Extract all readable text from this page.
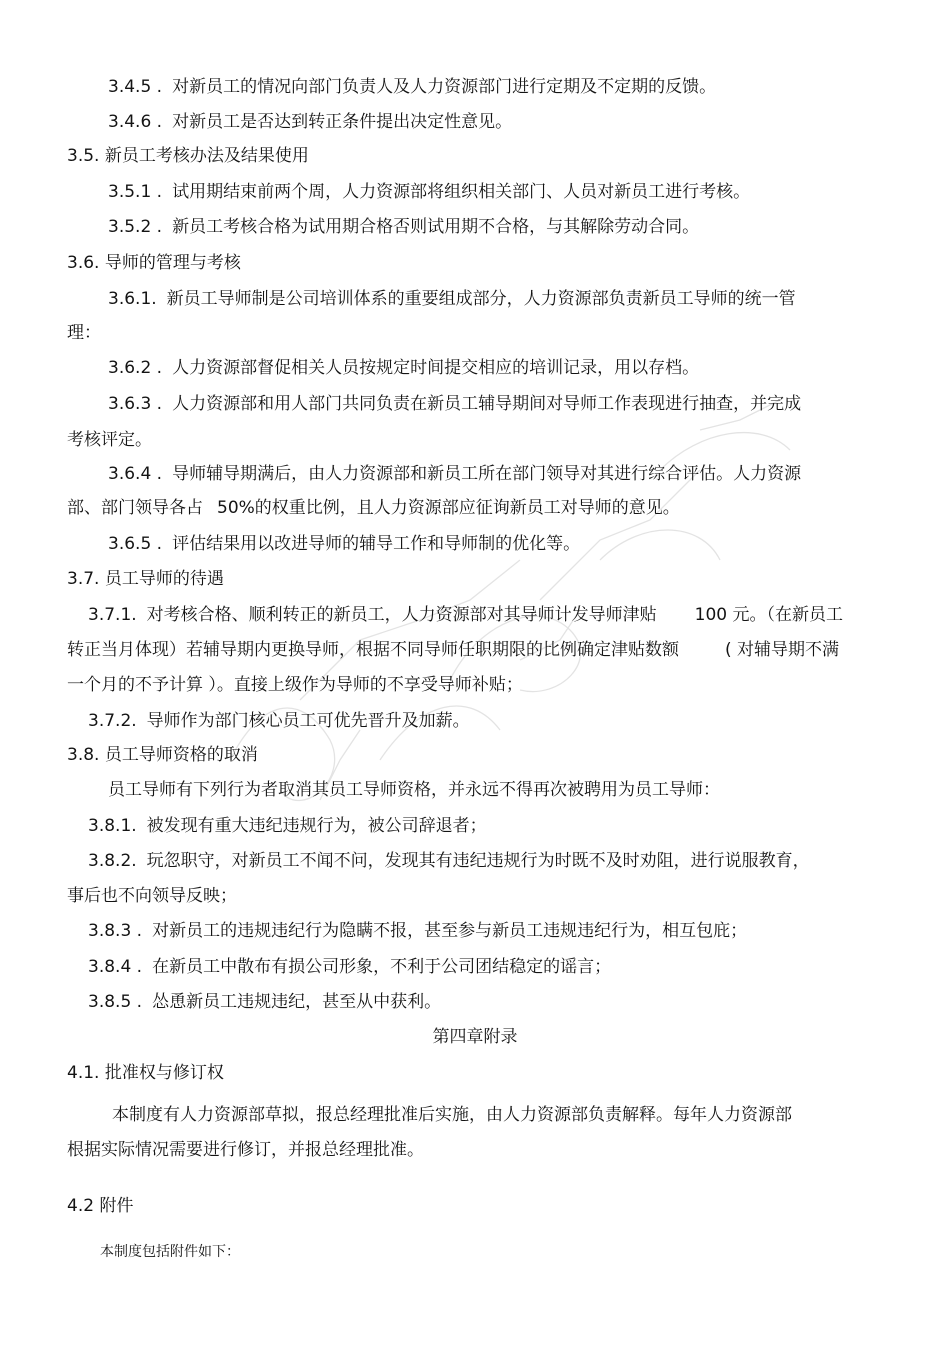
3.4.5 . 对新员工的情况向部门负责人及人力资源部门进行定期及不定期的反馈。
3.4.6 . 对新员工是否达到转正条件提出决定性意见。
3.5. 新员工考核办法及结果使用
3.5.1 . 试用期结束前两个周，人力资源部将组织相关部门、人员对新员工进行考核。
3.5.2 . 新员工考核合格为试用期合格否则试用期不合格，与其解除劳动合同。
3.6. 导师的管理与考核
3.6.1. 新员工导师制是公司培训体系的重要组成部分，人力资源部负责新员工导师的统一管
理：
3.6.2 . 人力资源部督促相关人员按规定时间提交相应的培训记录，用以存档。
3.6.3 . 人力资源部和用人部门共同负责在新员工辅导期间对导师工作表现进行抽查，并完成
考核评定。
3.6.4 . 导师辅导期满后，由人力资源部和新员工所在部门领导对其进行综合评估。人力资源
部、部门领导各占 50%的权重比例，且人力资源部应征询新员工对导师的意见。
3.6.5 . 评估结果用以改进导师的辅导工作和导师制的优化等。
3.7. 员工导师的待遇
3.7.1. 对考核合格、顺利转正的新员工，人力资源部对其导师计发导师津贴 100 元。（在新员工
转正当月体现）若辅导期内更换导师，根据不同导师任职期限的比例确定津贴数额	( 对辅导期不满
一个月的不予计算 ）。直接上级作为导师的不享受导师补贴；
3.7.2. 导师作为部门核心员工可优先晋升及加薪。
3.8. 员工导师资格的取消
员工导师有下列行为者取消其员工导师资格，并永远不得再次被聘用为员工导师：
3.8.1. 被发现有重大违纪违规行为，被公司辞退者；
3.8.2. 玩忽职守，对新员工不闻不问，发现其有违纪违规行为时既不及时劝阻，进行说服教育，
事后也不向领导反映；
3.8.3 . 对新员工的违规违纪行为隐瞒不报，甚至参与新员工违规违纪行为，相互包庇；
3.8.4 . 在新员工中散布有损公司形象，不利于公司团结稳定的谣言；
3.8.5 . 怂恿新员工违规违纪，甚至从中获利。
第四章附录
4.1. 批准权与修订权
本制度有人力资源部草拟，报总经理批准后实施，由人力资源部负责解释。每年人力资源部
根据实际情况需要进行修订，并报总经理批准。
4.2 附件
本制度包括附件如下：
